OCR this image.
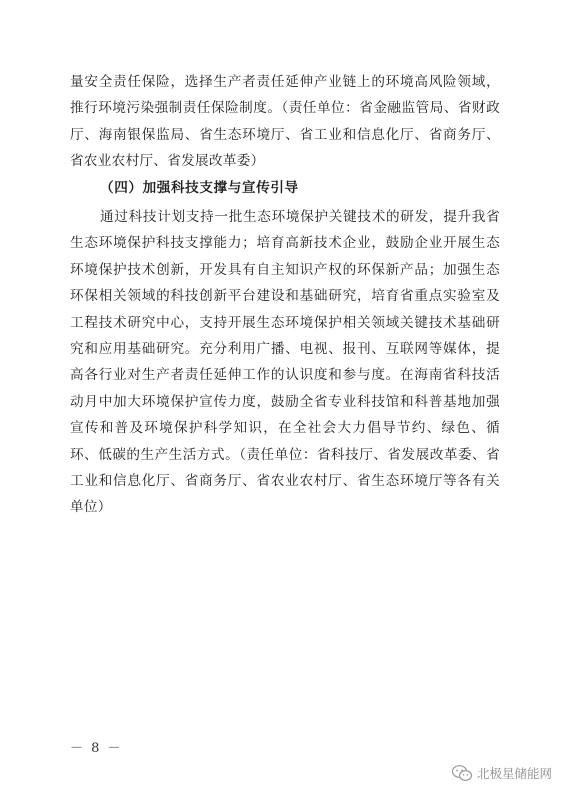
量安全责任保险，选择生产者责任延伸产业链上的环境高风险领域，推行环境污染强制责任保险制度。（责任单位：省金融监管局、省财政厅、海南银保监局、省生态环境厅、省工业和信息化厅、省商务厅、省农业农村厅、省发展改革委）

（四）加强科技支撑与宣传引导

通过科技计划支持一批生态环境保护关键技术的研发，提升我省生态环境保护科技支撑能力；培育高新技术企业，鼓励企业开展生态环境保护技术创新，开发具有自主知识产权的环保新产品；加强生态环保相关领域的科技创新平台建设和基础研究，培育省重点实验室及工程技术研究中心，支持开展生态环境保护相关领域关键技术基础研究和应用基础研究。充分利用广播、电视、报刊、互联网等媒体，提高各行业对生产者责任延伸工作的认识度和参与度。在海南省科技活动月中加大环境保护宣传力度，鼓励全省专业科技馆和科普基地加强宣传和普及环境保护科学知识，在全社会大力倡导节约、绿色、循环、低碳的生产生活方式。（责任单位：省科技厅、省发展改革委、省工业和信息化厅、省商务厅、省农业农村厅、省生态环境厅等各有关单位）

－ 8 －
北极星储能网
